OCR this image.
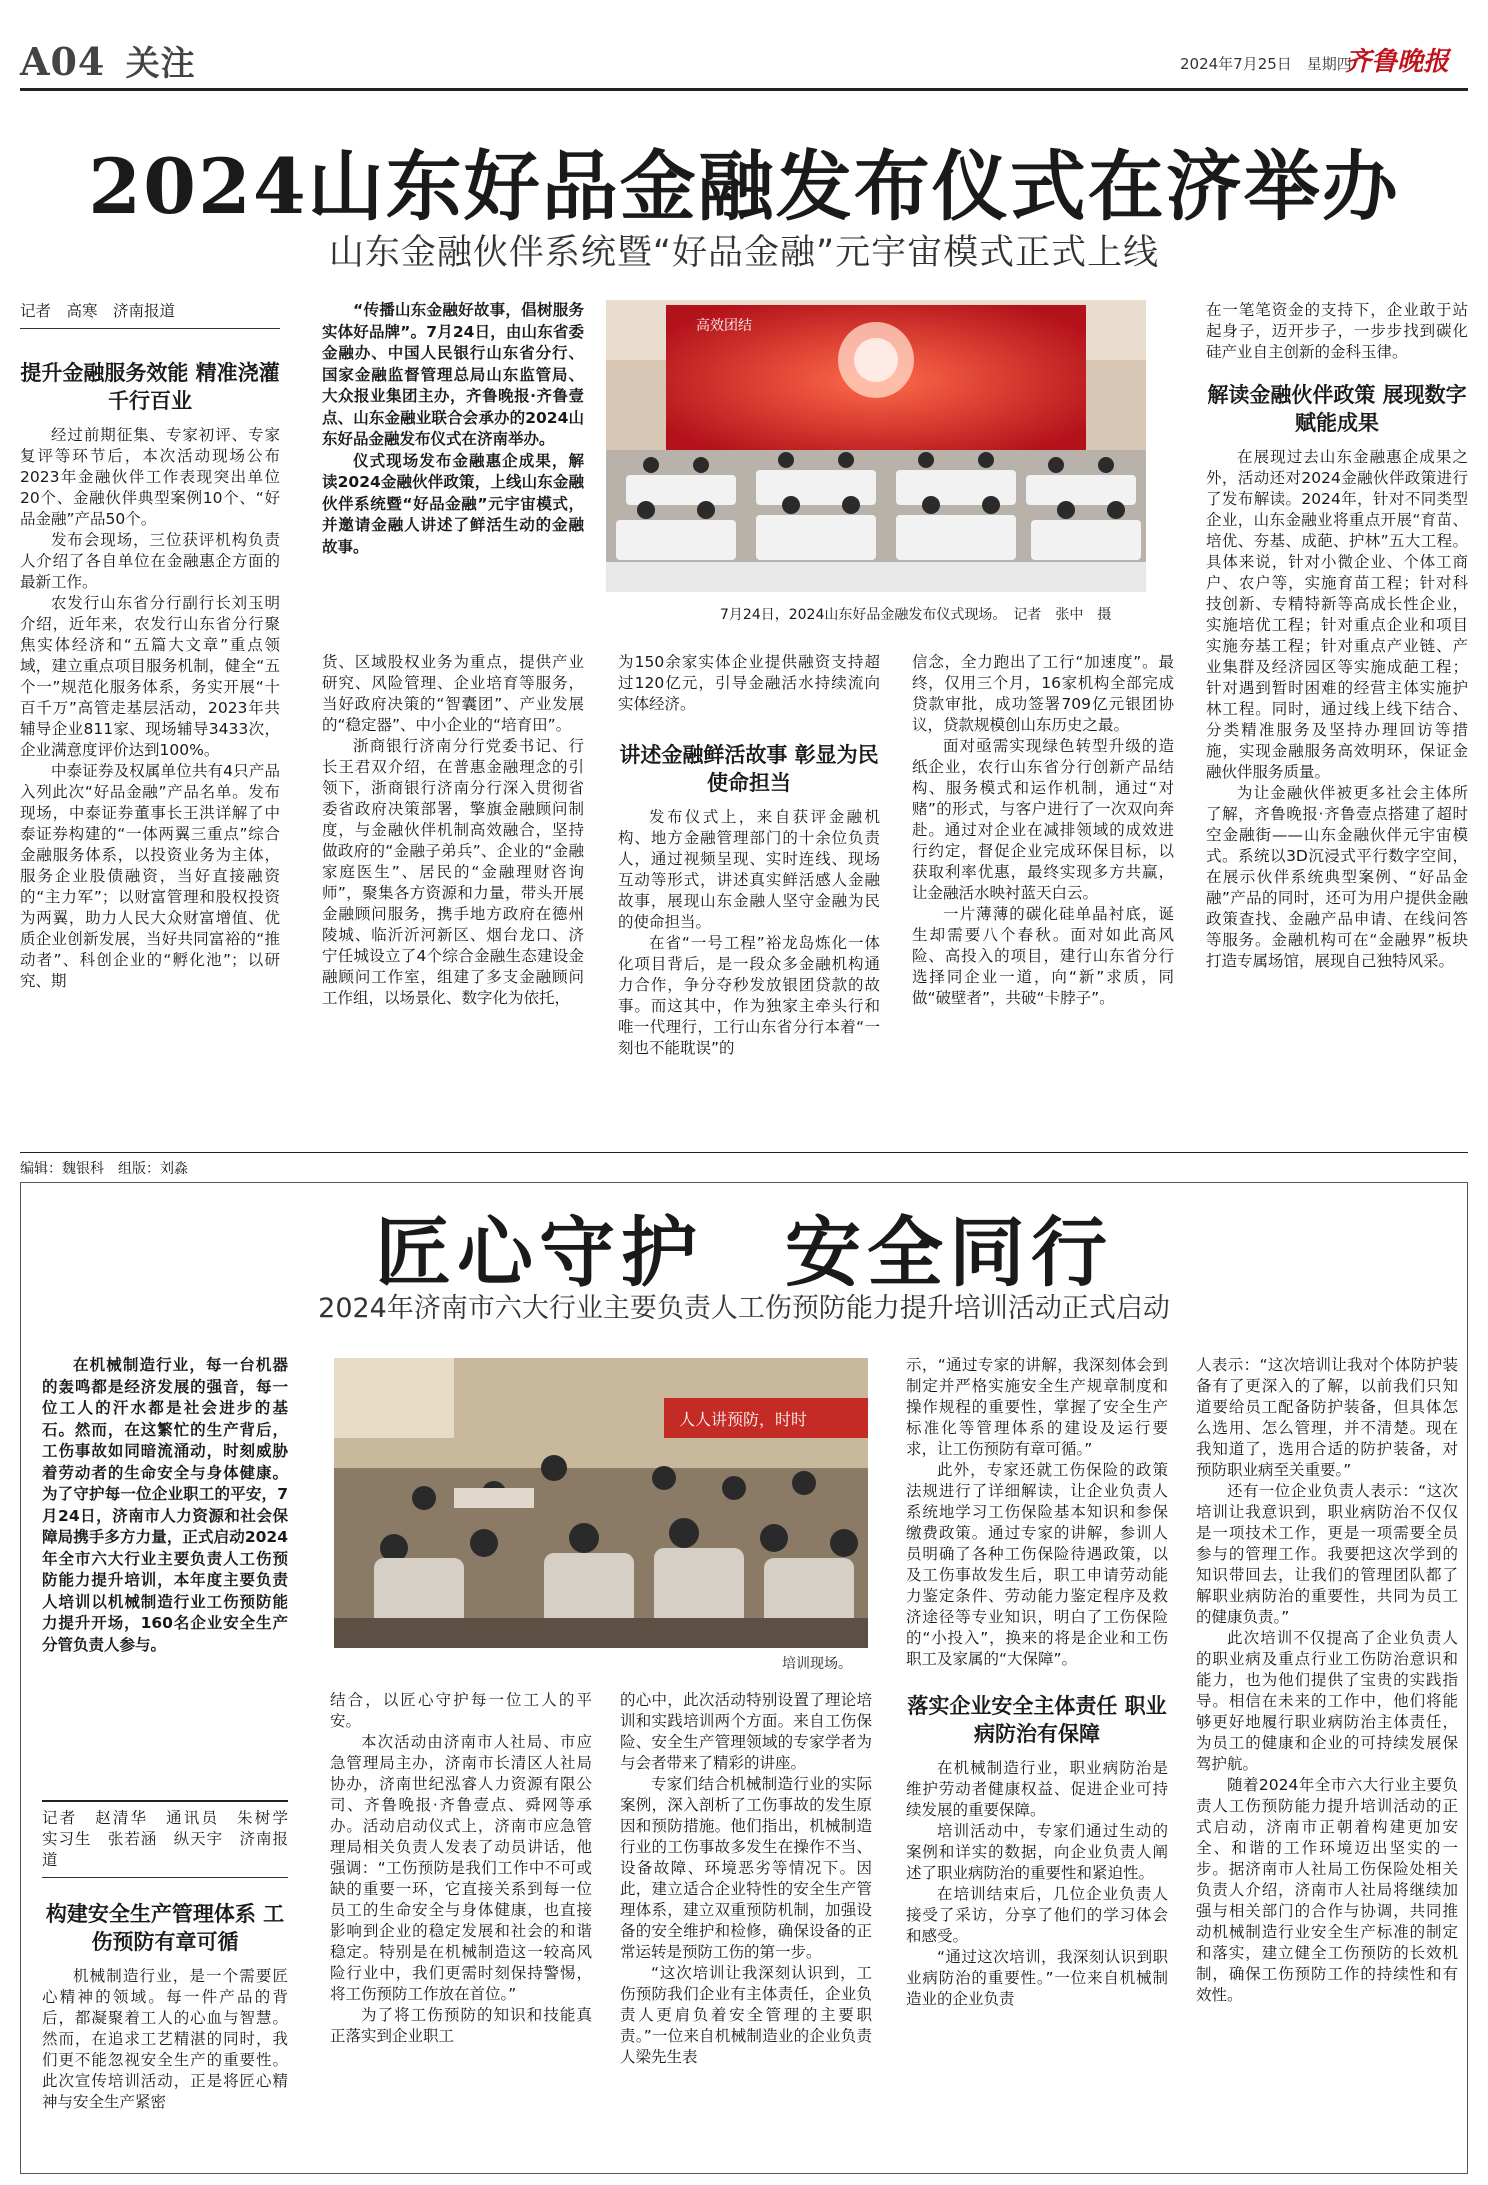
A04 关注	2024年7月25日　星期四
齐鲁晚报
2024山东好品金融发布仪式在济举办
山东金融伙伴系统暨“好品金融”元宇宙模式正式上线
记者　高寒　济南报道
提升金融服务效能 精准浇灌千行百业

经过前期征集、专家初评、专家复评等环节后，本次活动现场公布2023年金融伙伴工作表现突出单位20个、金融伙伴典型案例10个、“好品金融”产品50个。

发布会现场，三位获评机构负责人介绍了各自单位在金融惠企方面的最新工作。

农发行山东省分行副行长刘玉明介绍，近年来，农发行山东省分行聚焦实体经济和“五篇大文章”重点领域，建立重点项目服务机制，健全“五个一”规范化服务体系，务实开展“十百千万”高管走基层活动，2023年共辅导企业811家、现场辅导3433次，企业满意度评价达到100%。

中泰证券及权属单位共有4只产品入列此次“好品金融”产品名单。发布现场，中泰证券董事长王洪详解了中泰证券构建的“一体两翼三重点”综合金融服务体系，以投资业务为主体，服务企业股债融资，当好直接融资的“主力军”；以财富管理和股权投资为两翼，助力人民大众财富增值、优质企业创新发展，当好共同富裕的“推动者”、科创企业的“孵化池”；以研究、期

“传播山东金融好故事，倡树服务实体好品牌”。7月24日，由山东省委金融办、中国人民银行山东省分行、国家金融监督管理总局山东监管局、大众报业集团主办，齐鲁晚报·齐鲁壹点、山东金融业联合会承办的2024山东好品金融发布仪式在济南举办。

仪式现场发布金融惠企成果，解读2024金融伙伴政策，上线山东金融伙伴系统暨“好品金融”元宇宙模式，并邀请金融人讲述了鲜活生动的金融故事。

高效团结
7月24日，2024山东好品金融发布仪式现场。　记者　张中　摄
货、区域股权业务为重点，提供产业研究、风险管理、企业培育等服务，当好政府决策的“智囊团”、产业发展的“稳定器”、中小企业的“培育田”。

浙商银行济南分行党委书记、行长王君双介绍，在普惠金融理念的引领下，浙商银行济南分行深入贯彻省委省政府决策部署，擎旗金融顾问制度，与金融伙伴机制高效融合，坚持做政府的“金融子弟兵”、企业的“金融家庭医生”、居民的“金融理财咨询师”，聚集各方资源和力量，带头开展金融顾问服务，携手地方政府在德州陵城、临沂沂河新区、烟台龙口、济宁任城设立了4个综合金融生态建设金融顾问工作室，组建了多支金融顾问工作组，以场景化、数字化为依托，

为150余家实体企业提供融资支持超过120亿元，引导金融活水持续流向实体经济。
讲述金融鲜活故事 彰显为民使命担当

发布仪式上，来自获评金融机构、地方金融管理部门的十余位负责人，通过视频呈现、实时连线、现场互动等形式，讲述真实鲜活感人金融故事，展现山东金融人坚守金融为民的使命担当。

在省“一号工程”裕龙岛炼化一体化项目背后，是一段众多金融机构通力合作，争分夺秒发放银团贷款的故事。而这其中，作为独家主牵头行和唯一代理行，工行山东省分行本着“一刻也不能耽误”的

信念，全力跑出了工行“加速度”。最终，仅用三个月，16家机构全部完成贷款审批，成功签署709亿元银团协议，贷款规模创山东历史之最。

面对亟需实现绿色转型升级的造纸企业，农行山东省分行创新产品结构、服务模式和运作机制，通过“对赌”的形式，与客户进行了一次双向奔赴。通过对企业在减排领域的成效进行约定，督促企业完成环保目标，以获取利率优惠，最终实现多方共赢，让金融活水映衬蓝天白云。

一片薄薄的碳化硅单晶衬底，诞生却需要八个春秋。面对如此高风险、高投入的项目，建行山东省分行选择同企业一道，向“新”求质，同做“破壁者”，共破“卡脖子”。

在一笔笔资金的支持下，企业敢于站起身子，迈开步子，一步步找到碳化硅产业自主创新的金科玉律。
解读金融伙伴政策 展现数字赋能成果

在展现过去山东金融惠企成果之外，活动还对2024金融伙伴政策进行了发布解读。2024年，针对不同类型企业，山东金融业将重点开展“育苗、培优、夯基、成葩、护林”五大工程。具体来说，针对小微企业、个体工商户、农户等，实施育苗工程；针对科技创新、专精特新等高成长性企业，实施培优工程；针对重点企业和项目实施夯基工程；针对重点产业链、产业集群及经济园区等实施成葩工程；针对遇到暂时困难的经营主体实施护林工程。同时，通过线上线下结合、分类精准服务及坚持办理回访等措施，实现金融服务高效明环，保证金融伙伴服务质量。

为让金融伙伴被更多社会主体所了解，齐鲁晚报·齐鲁壹点搭建了超时空金融街——山东金融伙伴元宇宙模式。系统以3D沉浸式平行数字空间，在展示伙伴系统典型案例、“好品金融”产品的同时，还可为用户提供金融政策查找、金融产品申请、在线问答等服务。金融机构可在“金融界”板块打造专属场馆，展现自己独特风采。

编辑：魏银科　组版：刘淼
匠心守护　安全同行
2024年济南市六大行业主要负责人工伤预防能力提升培训活动正式启动

在机械制造行业，每一台机器的轰鸣都是经济发展的强音，每一位工人的汗水都是社会进步的基石。然而，在这繁忙的生产背后，工伤事故如同暗流涌动，时刻威胁着劳动者的生命安全与身体健康。为了守护每一位企业职工的平安，7月24日，济南市人力资源和社会保障局携手多方力量，正式启动2024年全市六大行业主要负责人工伤预防能力提升培训，本年度主要负责人培训以机械制造行业工伤预防能力提升开场，160名企业安全生产分管负责人参与。

记者　赵清华　通讯员　朱树学　实习生　张若涵　纵天宇　济南报道
构建安全生产管理体系 工伤预防有章可循

机械制造行业，是一个需要匠心精神的领域。每一件产品的背后，都凝聚着工人的心血与智慧。然而，在追求工艺精湛的同时，我们更不能忽视安全生产的重要性。此次宣传培训活动，正是将匠心精神与安全生产紧密

人人讲预防，时时
培训现场。
结合，以匠心守护每一位工人的平安。

本次活动由济南市人社局、市应急管理局主办，济南市长清区人社局协办，济南世纪泓睿人力资源有限公司、齐鲁晚报·齐鲁壹点、舜网等承办。活动启动仪式上，济南市应急管理局相关负责人发表了动员讲话，他强调：“工伤预防是我们工作中不可或缺的重要一环，它直接关系到每一位员工的生命安全与身体健康，也直接影响到企业的稳定发展和社会的和谐稳定。特别是在机械制造这一较高风险行业中，我们更需时刻保持警惕，将工伤预防工作放在首位。”

为了将工伤预防的知识和技能真正落实到企业职工

的心中，此次活动特别设置了理论培训和实践培训两个方面。来自工伤保险、安全生产管理领域的专家学者为与会者带来了精彩的讲座。

专家们结合机械制造行业的实际案例，深入剖析了工伤事故的发生原因和预防措施。他们指出，机械制造行业的工伤事故多发生在操作不当、设备故障、环境恶劣等情况下。因此，建立适合企业特性的安全生产管理体系，建立双重预防机制，加强设备的安全维护和检修，确保设备的正常运转是预防工伤的第一步。

“这次培训让我深刻认识到，工伤预防我们企业有主体责任，企业负责人更肩负着安全管理的主要职责。”一位来自机械制造业的企业负责人梁先生表

示，“通过专家的讲解，我深刻体会到制定并严格实施安全生产规章制度和操作规程的重要性，掌握了安全生产标准化等管理体系的建设及运行要求，让工伤预防有章可循。”

此外，专家还就工伤保险的政策法规进行了详细解读，让企业负责人系统地学习工伤保险基本知识和参保缴费政策。通过专家的讲解，参训人员明确了各种工伤保险待遇政策，以及工伤事故发生后，职工申请劳动能力鉴定条件、劳动能力鉴定程序及救济途径等专业知识，明白了工伤保险的“小投入”，换来的将是企业和工伤职工及家属的“大保障”。

落实企业安全主体责任 职业病防治有保障

在机械制造行业，职业病防治是维护劳动者健康权益、促进企业可持续发展的重要保障。

培训活动中，专家们通过生动的案例和详实的数据，向企业负责人阐述了职业病防治的重要性和紧迫性。

在培训结束后，几位企业负责人接受了采访，分享了他们的学习体会和感受。

“通过这次培训，我深刻认识到职业病防治的重要性。”一位来自机械制造业的企业负责

人表示：“这次培训让我对个体防护装备有了更深入的了解，以前我们只知道要给员工配备防护装备，但具体怎么选用、怎么管理，并不清楚。现在我知道了，选用合适的防护装备，对预防职业病至关重要。”

还有一位企业负责人表示：“这次培训让我意识到，职业病防治不仅仅是一项技术工作，更是一项需要全员参与的管理工作。我要把这次学到的知识带回去，让我们的管理团队都了解职业病防治的重要性，共同为员工的健康负责。”

此次培训不仅提高了企业负责人的职业病及重点行业工伤防治意识和能力，也为他们提供了宝贵的实践指导。相信在未来的工作中，他们将能够更好地履行职业病防治主体责任，为员工的健康和企业的可持续发展保驾护航。

随着2024年全市六大行业主要负责人工伤预防能力提升培训活动的正式启动，济南市正朝着构建更加安全、和谐的工作环境迈出坚实的一步。据济南市人社局工伤保险处相关负责人介绍，济南市人社局将继续加强与相关部门的合作与协调，共同推动机械制造行业安全生产标准的制定和落实，建立健全工伤预防的长效机制，确保工伤预防工作的持续性和有效性。
